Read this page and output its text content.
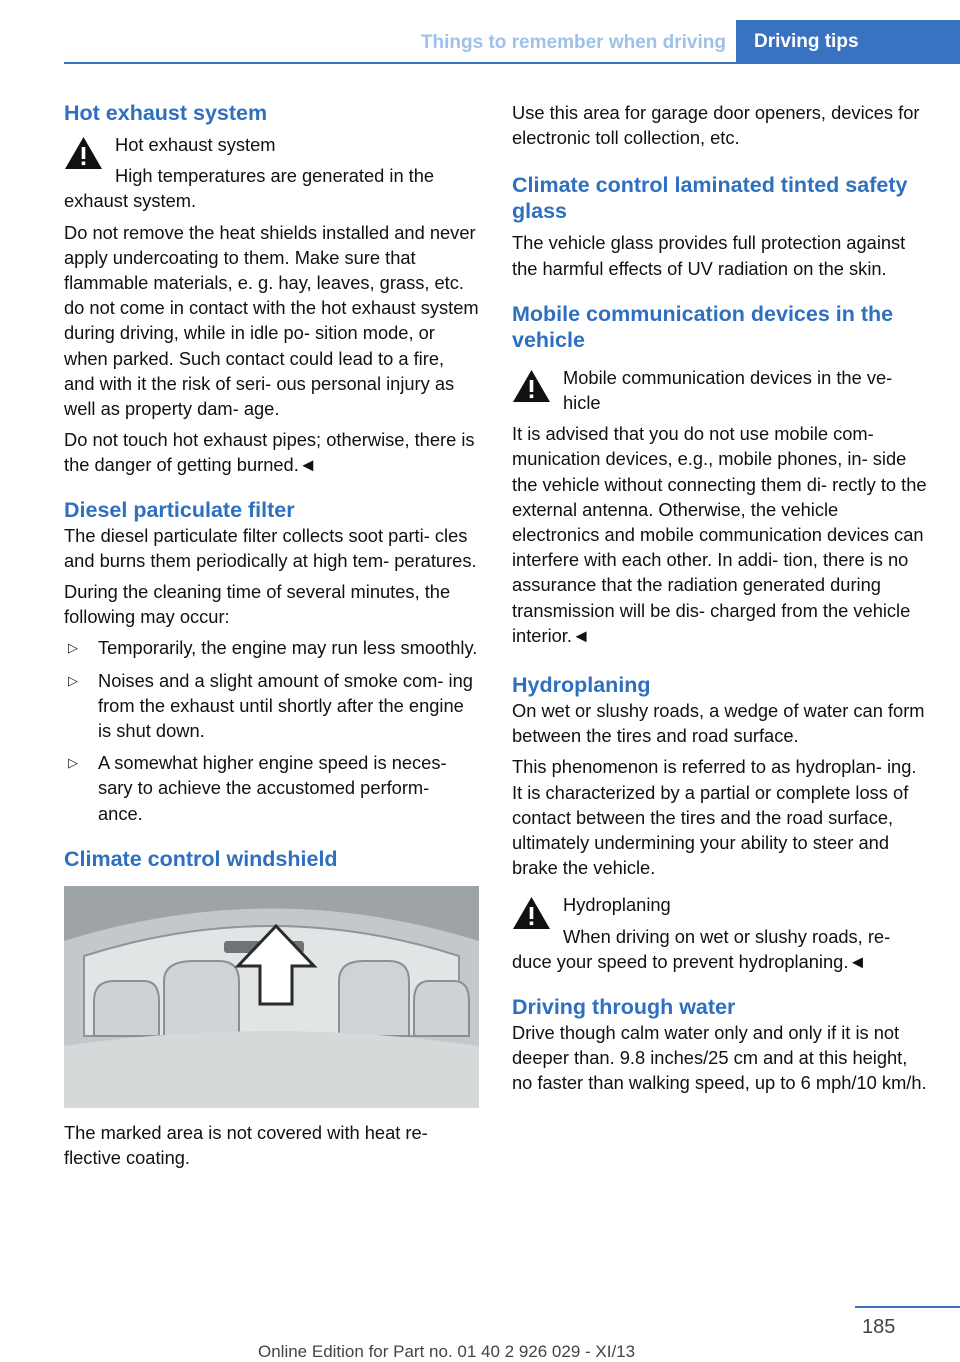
Things to remember when driving	Driving tips
Hot exhaust system

Hot exhaust system

High temperatures are generated in the

exhaust system.

Do not remove the heat shields installed and never apply undercoating to them. Make sure that flammable materials, e. g. hay, leaves, grass, etc. do not come in contact with the hot exhaust system during driving, while in idle po‑ sition mode, or when parked. Such contact could lead to a fire, and with it the risk of seri‑ ous personal injury as well as property dam‑ age.

Do not touch hot exhaust pipes; otherwise, there is the danger of getting burned.◄

Diesel particulate filter

The diesel particulate filter collects soot parti‑ cles and burns them periodically at high tem‑ peratures.

During the cleaning time of several minutes, the following may occur:

▷ Temporarily, the engine may run less smoothly.
▷ Noises and a slight amount of smoke com‑ ing from the exhaust until shortly after the engine is shut down.
▷ A somewhat higher engine speed is neces‑ sary to achieve the accustomed perform‑ ance.
Climate control windshield

The marked area is not covered with heat re‑ flective coating.

Use this area for garage door openers, devices for electronic toll collection, etc.

Climate control laminated tinted safety glass

The vehicle glass provides full protection against the harmful effects of UV radiation on the skin.

Mobile communication devices in the vehicle

Mobile communication devices in the ve‑ hicle

It is advised that you do not use mobile com‑ munication devices, e.g., mobile phones, in‑ side the vehicle without connecting them di‑ rectly to the external antenna. Otherwise, the vehicle electronics and mobile communication devices can interfere with each other. In addi‑ tion, there is no assurance that the radiation generated during transmission will be dis‑ charged from the vehicle interior.◄

Hydroplaning

On wet or slushy roads, a wedge of water can form between the tires and road surface.

This phenomenon is referred to as hydroplan‑ ing. It is characterized by a partial or complete loss of contact between the tires and the road surface, ultimately undermining your ability to steer and brake the vehicle.

Hydroplaning

When driving on wet or slushy roads, re‑

duce your speed to prevent hydroplaning.◄

Driving through water

Drive though calm water only and only if it is not deeper than. 9.8 inches/25 cm and at this height, no faster than walking speed, up to 6 mph/10 km/h.

185
Online Edition for Part no. 01 40 2 926 029 - XI/13
